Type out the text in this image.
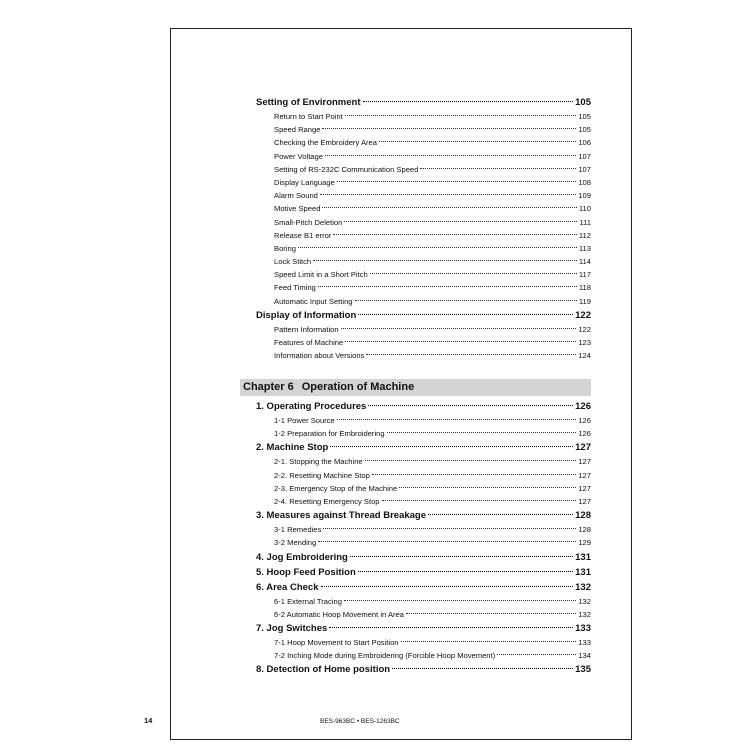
Setting of Environment	105
Return to Start Point	105
Speed Range	105
Checking the Embroidery Area	106
Power Voltage	107
Setting of RS-232C Communication Speed	107
Display Language	108
Alarm Sound	109
Motive Speed	110
Small-Pitch Deletion	111
Release B1 error	112
Boring	113
Lock Stitch	114
Speed Limit in a Short Pitch	117
Feed Timing	118
Automatic Input Setting	119
Display of Information	122
Pattern Information	122
Features of Machine	123
Information about Versions	124
Chapter 6 Operation of Machine
1. Operating Procedures	126
1-1 Power Source	126
1-2 Preparation for Embroidering	126
2. Machine Stop	127
2-1. Stopping the Machine	127
2-2. Resetting Machine Stop	127
2-3. Emergency Stop of the Machine	127
2-4. Resetting Emergency Stop	127
3. Measures against Thread Breakage	128
3-1 Remedies	128
3-2 Mending	129
4. Jog Embroidering	131
5. Hoop Feed Position	131
6. Area Check	132
6-1 External Tracing	132
6-2 Automatic Hoop Movement in Area	132
7. Jog Switches	133
7-1 Hoop Movement to Start Position	133
7-2 Inching Mode during Embroidering (Forcible Hoop Movement)	134
8. Detection of Home position	135
14	BES-963BC • BES-1263BC
